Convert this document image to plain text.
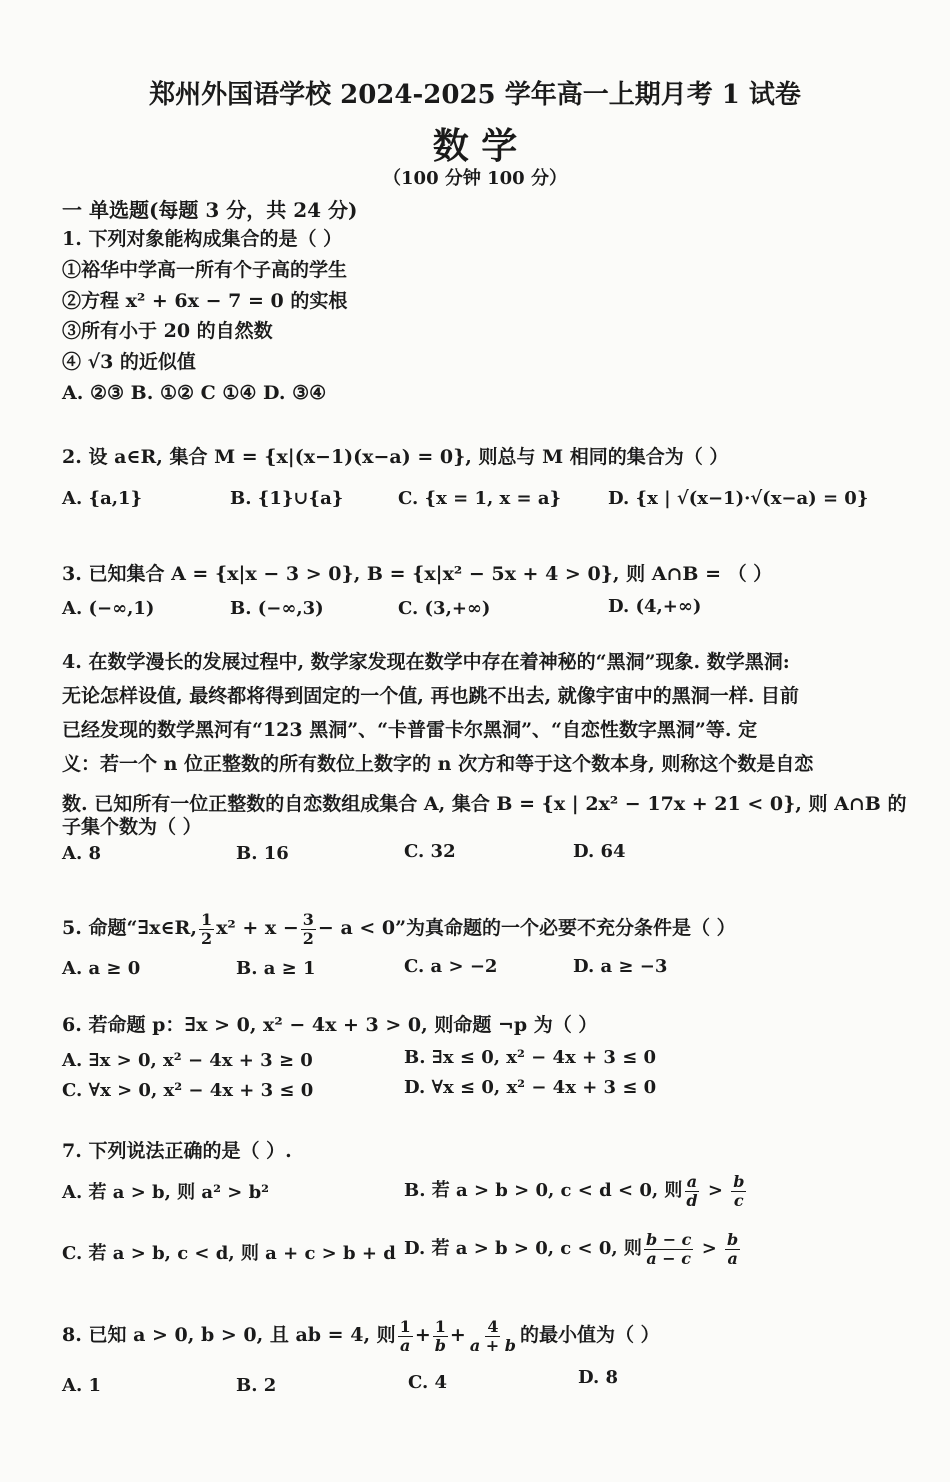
郑州外国语学校 2024-2025 学年高一上期月考 1 试卷
数 学
（100 分钟 100 分）
一 单选题(每题 3 分，共 24 分)
1. 下列对象能构成集合的是（ ）
①裕华中学高一所有个子高的学生
②方程 x² + 6x − 7 = 0 的实根
③所有小于 20 的自然数
④ √3 的近似值
A. ②③ B. ①② C ①④ D. ③④
2. 设 a∈R, 集合 M = {x|(x−1)(x−a) = 0}, 则总与 M 相同的集合为（ ）
A. {a,1}	B. {1}∪{a}	C. {x = 1, x = a}	D. {x | √(x−1)·√(x−a) = 0}
3. 已知集合 A = {x|x − 3 > 0}, B = {x|x² − 5x + 4 > 0}, 则 A∩B = （ ）
A. (−∞,1)	B. (−∞,3)	C. (3,+∞)	D. (4,+∞)
4. 在数学漫长的发展过程中, 数学家发现在数学中存在着神秘的“黑洞”现象. 数学黑洞:
无论怎样设值, 最终都将得到固定的一个值, 再也跳不出去, 就像宇宙中的黑洞一样. 目前
已经发现的数学黑河有“123 黑洞”、“卡普雷卡尔黑洞”、“自恋性数字黑洞”等. 定
义：若一个 n 位正整数的所有数位上数字的 n 次方和等于这个数本身, 则称这个数是自恋
数. 已知所有一位正整数的自恋数组成集合 A, 集合 B = {x | 2x² − 17x + 21 < 0}, 则 A∩B 的
子集个数为（ ）
A. 8	B. 16	C. 32	D. 64
5. 命题“∃x∈R, $\frac{1}{2} x^2 + x - \frac{3}{2} - a < 0$”为真命题的一个必要不充分条件是（ ）
A. a ≥ 0	B. a ≥ 1	C. a > −2	D. a ≥ −3
6. 若命题 p：∃x > 0, x² − 4x + 3 > 0, 则命题 ¬p 为（ ）
A. ∃x > 0, x² − 4x + 3 ≥ 0	B. ∃x ≤ 0, x² − 4x + 3 ≤ 0
C. ∀x > 0, x² − 4x + 3 ≤ 0	D. ∀x ≤ 0, x² − 4x + 3 ≤ 0
7. 下列说法正确的是（ ）.
A. 若 a > b, 则 a² > b²	B. 若 a > b > 0, c < d < 0, 则 $\frac{a}{d} > \frac{b}{c}$
C. 若 a > b, c < d, 则 a + c > b + d D. 若 a > b > 0, c < 0, 则 $\frac{b - c}{a - c} > \frac{b}{a}$
8. 已知 a > 0, b > 0, 且 ab = 4, 则 $\frac{1}{a} + \frac{1}{b} + \frac{4}{a + b}$ 的最小值为（ ）
A. 1	B. 2	C. 4	D. 8
